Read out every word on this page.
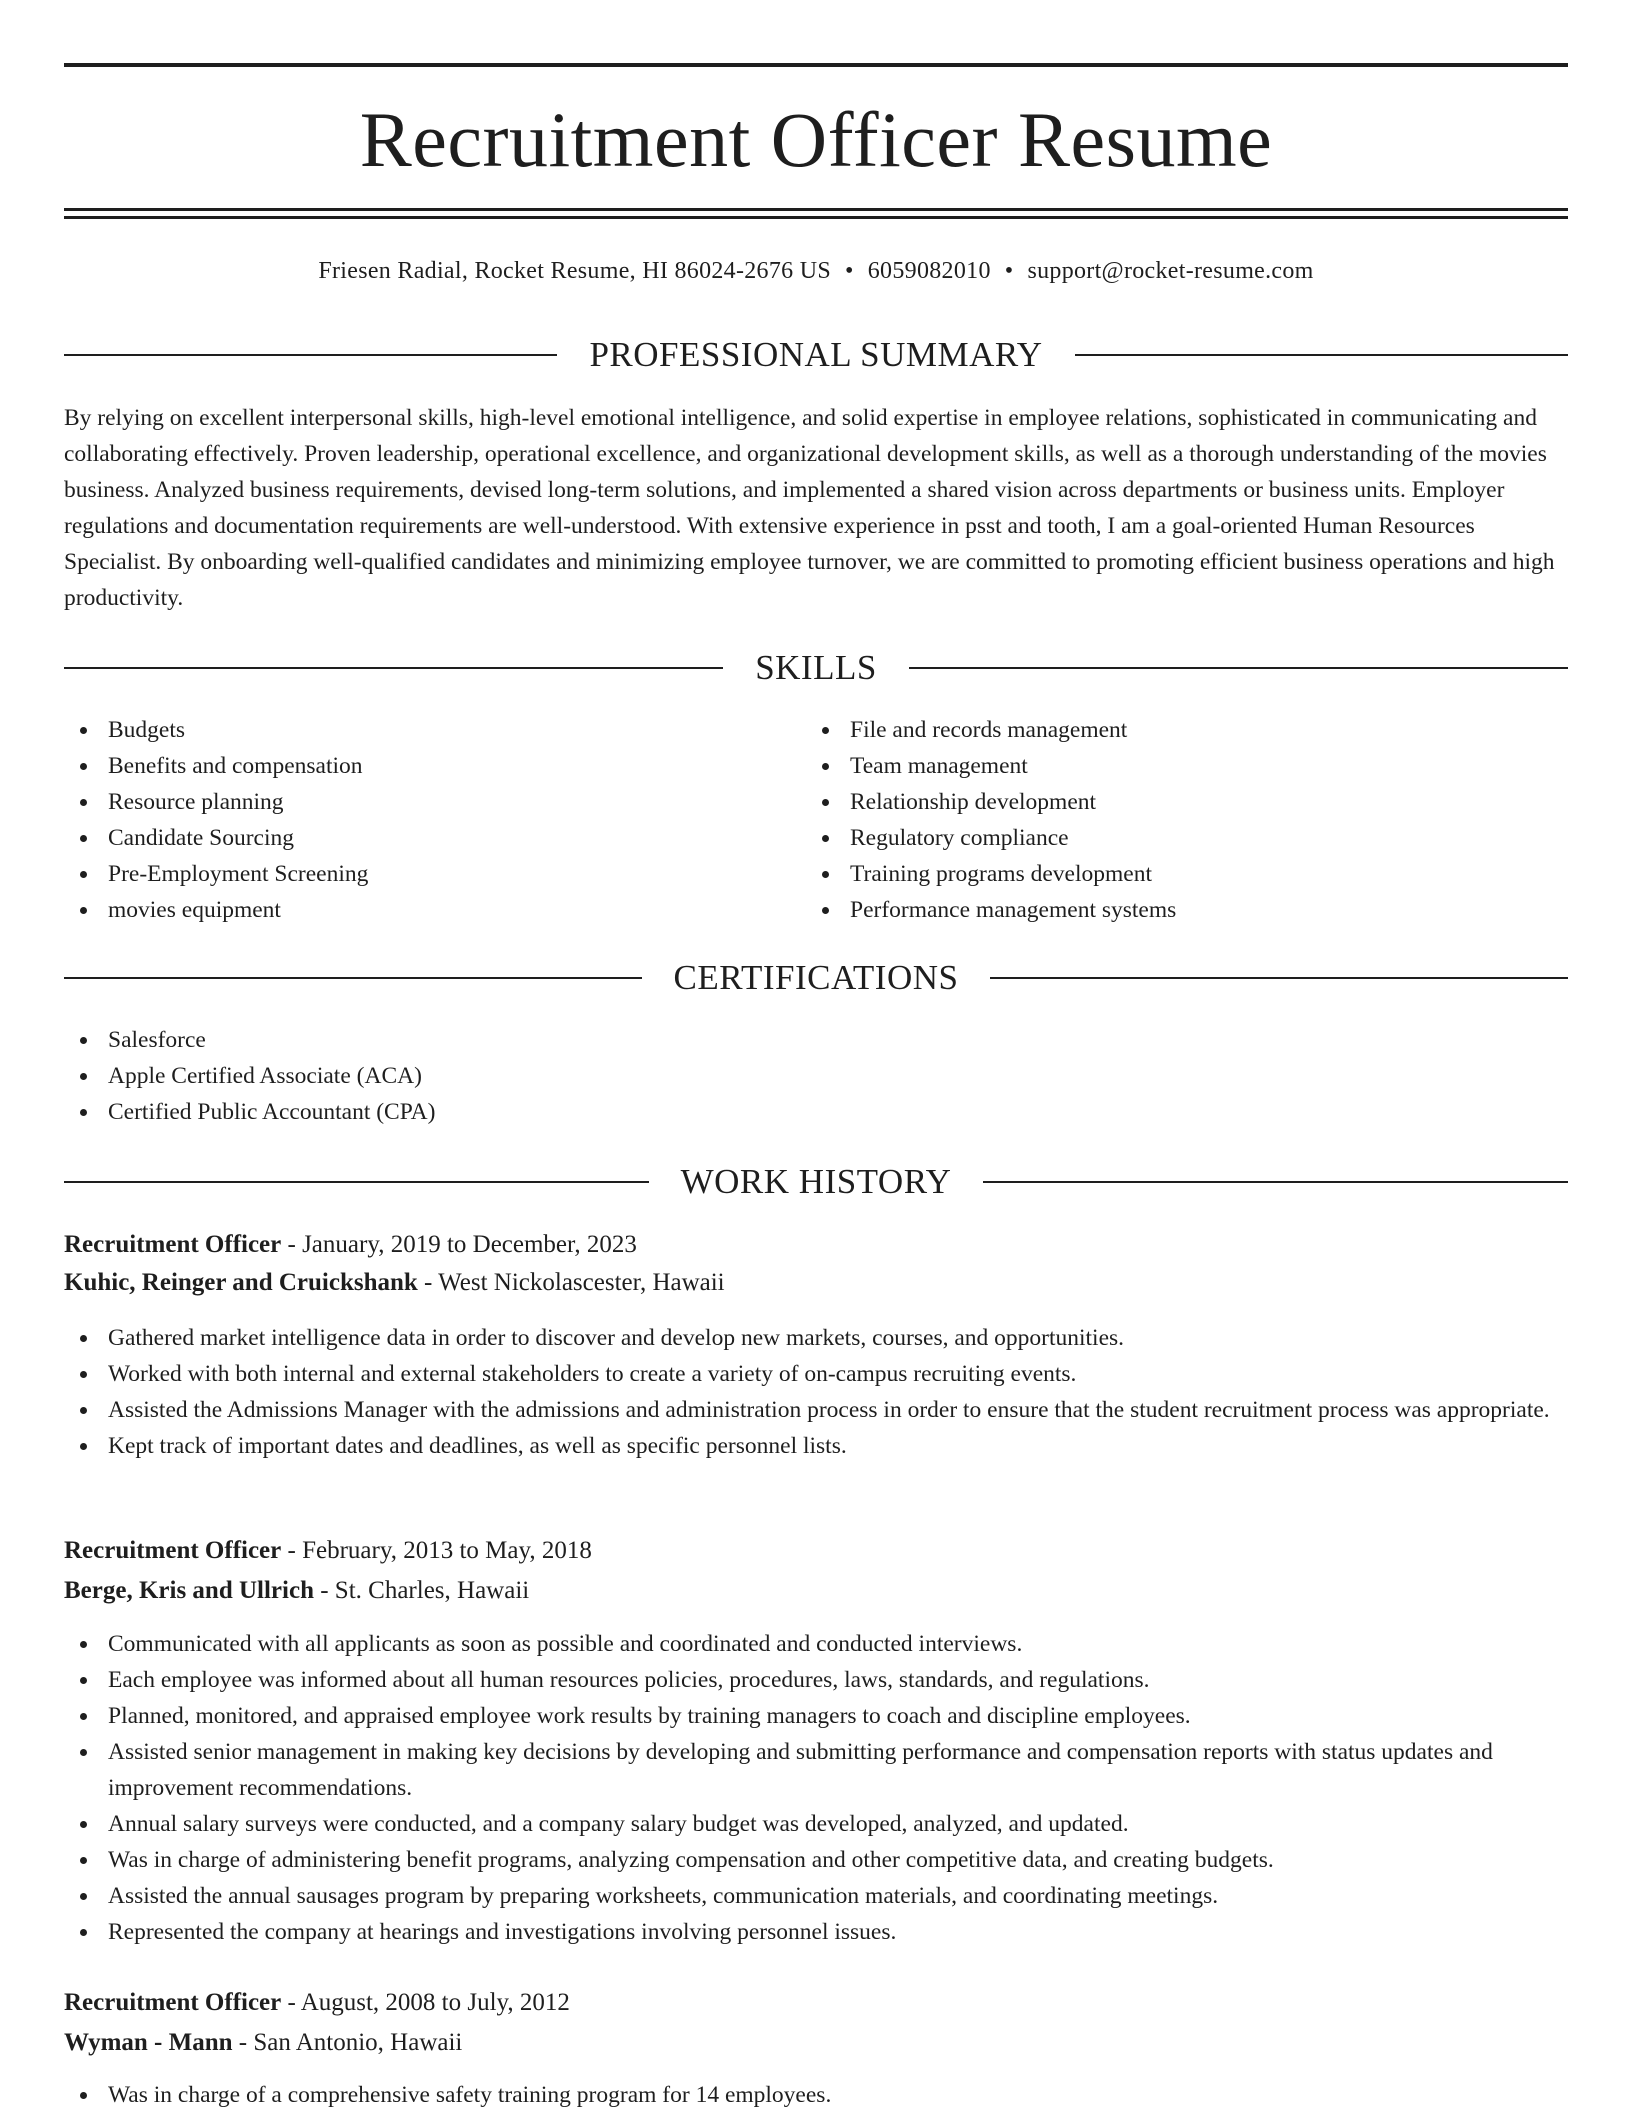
Recruitment Officer Resume
Friesen Radial, Rocket Resume, HI 86024-2676 US • 6059082010 • support@rocket-resume.com
PROFESSIONAL SUMMARY

By relying on excellent interpersonal skills, high-level emotional intelligence, and solid expertise in employee relations, sophisticated in communicating and collaborating effectively. Proven leadership, operational excellence, and organizational development skills, as well as a thorough understanding of the movies business. Analyzed business requirements, devised long-term solutions, and implemented a shared vision across departments or business units. Employer regulations and documentation requirements are well-understood. With extensive experience in psst and tooth, I am a goal-oriented Human Resources Specialist. By onboarding well-qualified candidates and minimizing employee turnover, we are committed to promoting efficient business operations and high productivity.

SKILLS
Budgets
Benefits and compensation
Resource planning
Candidate Sourcing
Pre-Employment Screening
movies equipment
File and records management
Team management
Relationship development
Regulatory compliance
Training programs development
Performance management systems
CERTIFICATIONS
Salesforce
Apple Certified Associate (ACA)
Certified Public Accountant (CPA)
WORK HISTORY
Recruitment Officer - January, 2019 to December, 2023
Kuhic, Reinger and Cruickshank - West Nickolascester, Hawaii
Gathered market intelligence data in order to discover and develop new markets, courses, and opportunities.
Worked with both internal and external stakeholders to create a variety of on-campus recruiting events.
Assisted the Admissions Manager with the admissions and administration process in order to ensure that the student recruitment process was appropriate.
Kept track of important dates and deadlines, as well as specific personnel lists.
Recruitment Officer - February, 2013 to May, 2018
Berge, Kris and Ullrich - St. Charles, Hawaii
Communicated with all applicants as soon as possible and coordinated and conducted interviews.
Each employee was informed about all human resources policies, procedures, laws, standards, and regulations.
Planned, monitored, and appraised employee work results by training managers to coach and discipline employees.
Assisted senior management in making key decisions by developing and submitting performance and compensation reports with status updates and improvement recommendations.
Annual salary surveys were conducted, and a company salary budget was developed, analyzed, and updated.
Was in charge of administering benefit programs, analyzing compensation and other competitive data, and creating budgets.
Assisted the annual sausages program by preparing worksheets, communication materials, and coordinating meetings.
Represented the company at hearings and investigations involving personnel issues.
Recruitment Officer - August, 2008 to July, 2012
Wyman - Mann - San Antonio, Hawaii
Was in charge of a comprehensive safety training program for 14 employees.
